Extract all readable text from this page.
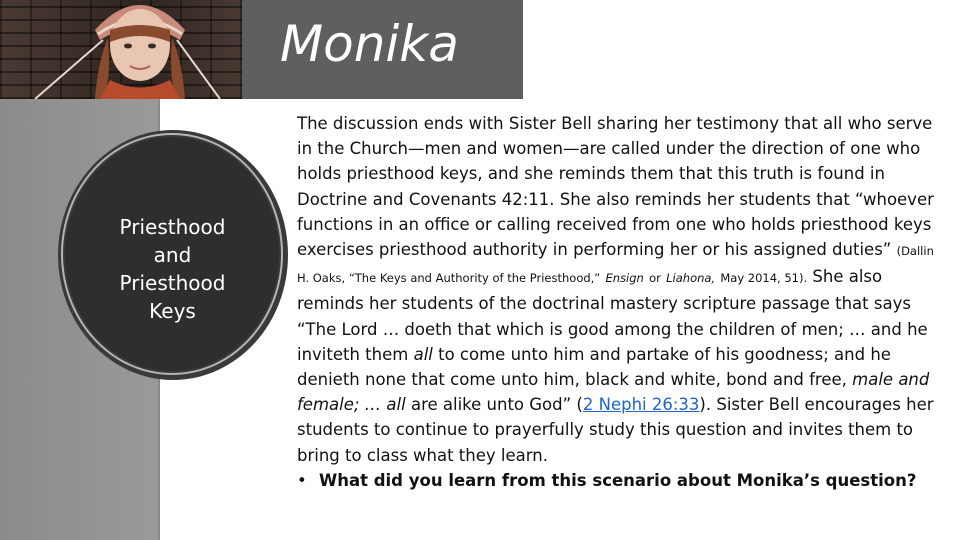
Monika
Priesthood
and
Priesthood
Keys

The discussion ends with Sister Bell sharing her testimony that all who serve in the Church—men and women—are called under the direction of one who holds priesthood keys, and she reminds them that this truth is found in Doctrine and Covenants 42:11. She also reminds her students that “whoever functions in an office or calling received from one who holds priesthood keys exercises priesthood authority in performing her or his assigned duties” (Dallin H. Oaks, “The Keys and Authority of the Priesthood,” Ensign or Liahona, May 2014, 51). She also reminds her students of the doctrinal mastery scripture passage that says “The Lord … doeth that which is good among the children of men; … and he inviteth them all to come unto him and partake of his goodness; and he denieth none that come unto him, black and white, bond and free, male and female; … all are alike unto God” (2 Nephi 26:33). Sister Bell encourages her students to continue to prayerfully study this question and invites them to bring to class what they learn.

• What did you learn from this scenario about Monika’s question?
